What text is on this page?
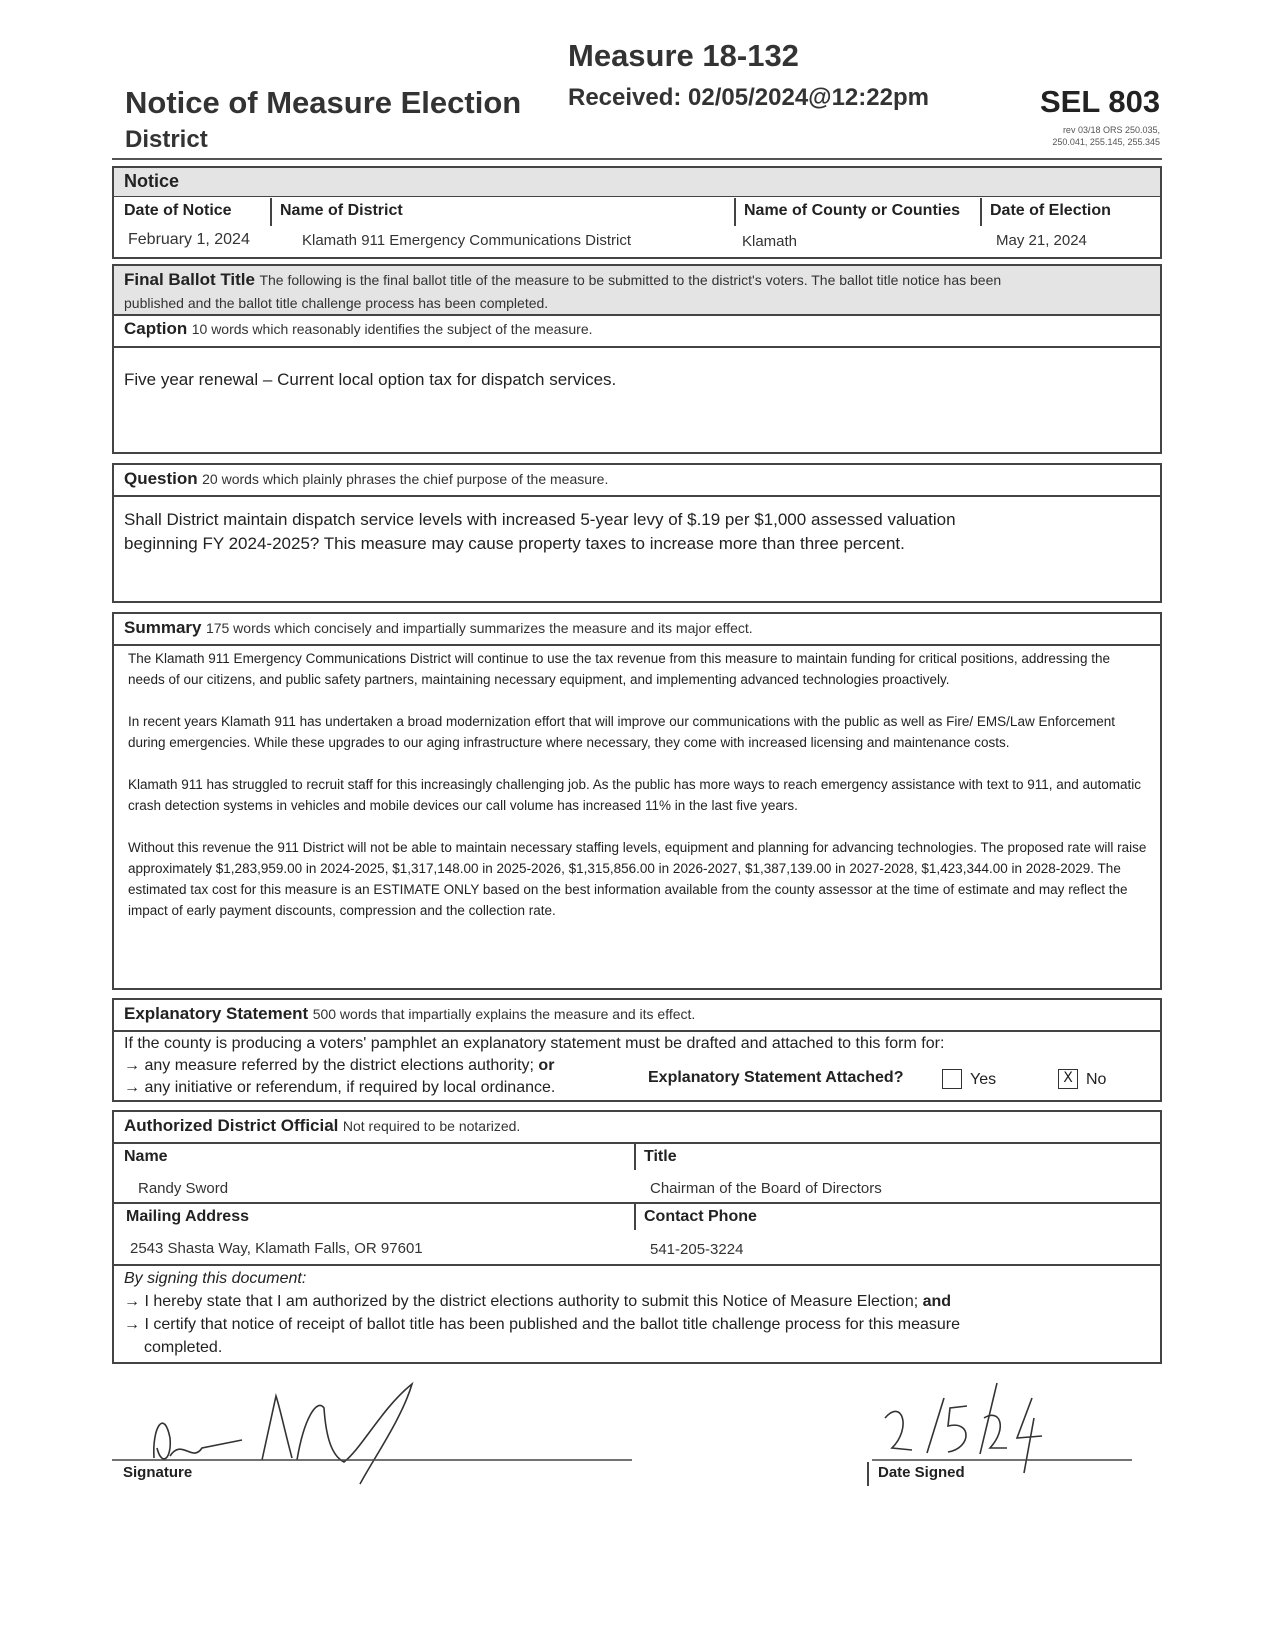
Measure 18-132
Received: 02/05/2024@12:22pm
Notice of Measure Election
District
SEL 803
rev 03/18 ORS 250.035,
250.041, 255.145, 255.345
Notice
Date of Notice
February 1, 2024
Name of District
Klamath 911 Emergency Communications District
Name of County or Counties
Klamath
Date of Election
May 21, 2024
Final Ballot Title The following is the final ballot title of the measure to be submitted to the district's voters. The ballot title notice has been
published and the ballot title challenge process has been completed.
Caption 10 words which reasonably identifies the subject of the measure.
Five year renewal – Current local option tax for dispatch services.
Question 20 words which plainly phrases the chief purpose of the measure.
Shall District maintain dispatch service levels with increased 5-year levy of $.19 per $1,000 assessed valuation
beginning FY 2024-2025? This measure may cause property taxes to increase more than three percent.
Summary 175 words which concisely and impartially summarizes the measure and its major effect.

The Klamath 911 Emergency Communications District will continue to use the tax revenue from this measure to maintain funding for critical positions, addressing the needs of our citizens, and public safety partners, maintaining necessary equipment, and implementing advanced technologies proactively.

In recent years Klamath 911 has undertaken a broad modernization effort that will improve our communications with the public as well as Fire/ EMS/Law Enforcement during emergencies. While these upgrades to our aging infrastructure where necessary, they come with increased licensing and maintenance costs.

Klamath 911 has struggled to recruit staff for this increasingly challenging job. As the public has more ways to reach emergency assistance with text to 911, and automatic crash detection systems in vehicles and mobile devices our call volume has increased 11% in the last five years.

Without this revenue the 911 District will not be able to maintain necessary staffing levels, equipment and planning for advancing technologies. The proposed rate will raise approximately $1,283,959.00 in 2024-2025, $1,317,148.00 in 2025-2026, $1,315,856.00 in 2026-2027, $1,387,139.00 in 2027-2028, $1,423,344.00 in 2028-2029. The estimated tax cost for this measure is an ESTIMATE ONLY based on the best information available from the county assessor at the time of estimate and may reflect the impact of early payment discounts, compression and the collection rate.

Explanatory Statement 500 words that impartially explains the measure and its effect.
If the county is producing a voters' pamphlet an explanatory statement must be drafted and attached to this form for:
→ any measure referred by the district elections authority; or
→ any initiative or referendum, if required by local ordinance.
Explanatory Statement Attached?	Yes	X No
Authorized District Official Not required to be notarized.
Name
Randy Sword
Title
Chairman of the Board of Directors
Mailing Address
2543 Shasta Way, Klamath Falls, OR 97601
Contact Phone
541-205-3224
By signing this document:
→ I hereby state that I am authorized by the district elections authority to submit this Notice of Measure Election; and
→ I certify that notice of receipt of ballot title has been published and the ballot title challenge process for this measure
completed.
Signature	Date Signed
